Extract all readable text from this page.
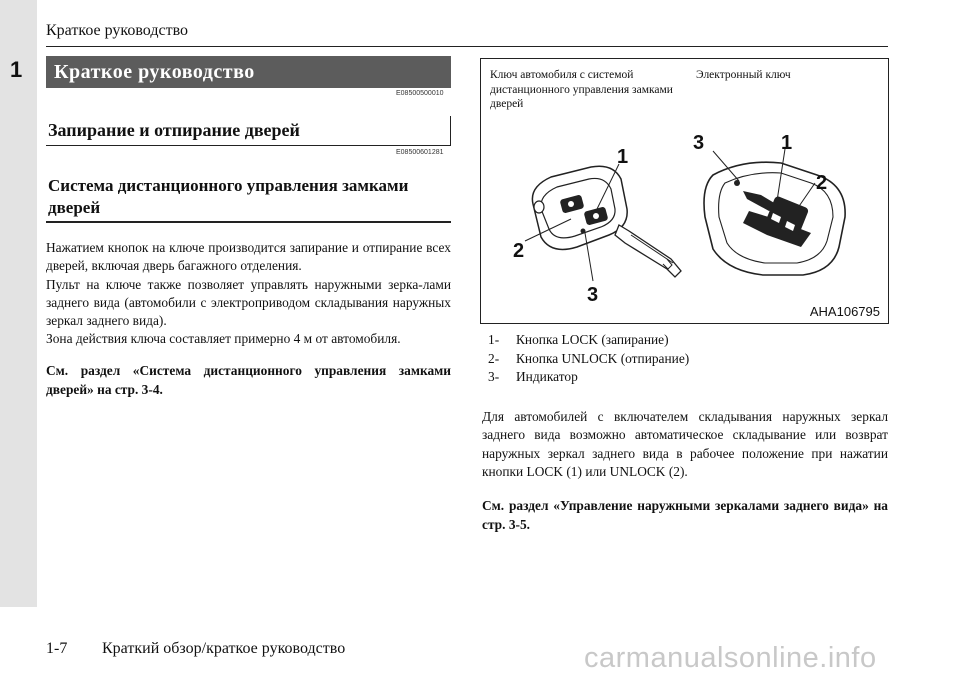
1
Краткое руководство
Краткое руководство
E08500500010
Запирание и отпирание дверей
E08500601281
Система дистанционного управления замками дверей

Нажатием кнопок на ключе производится запирание и отпирание всех дверей, включая дверь багажного отделения.

Пульт на ключе также позволяет управлять наружными зерка-лами заднего вида (автомобили с электроприводом складывания наружных зеркал заднего вида).

Зона действия ключа составляет примерно 4 м от автомобиля.

См. раздел «Система дистанционного управления замками дверей» на стр. 3-4.
Ключ автомобиля с системой дистанционного управления замками дверей
Электронный ключ
1
2
3
3	1
2
AHA106795
1- Кнопка LOCK (запирание)
2- Кнопка UNLOCK (отпирание)
3- Индикатор
Для автомобилей с включателем складывания наружных зеркал заднего вида возможно автоматическое складывание или возврат наружных зеркал заднего вида в рабочее положение при нажатии кнопки LOCK (1) или UNLOCK (2).
См. раздел «Управление наружными зеркалами заднего вида» на стр. 3-5.
1-7 Краткий обзор/краткое руководство	carmanualsonline.info
